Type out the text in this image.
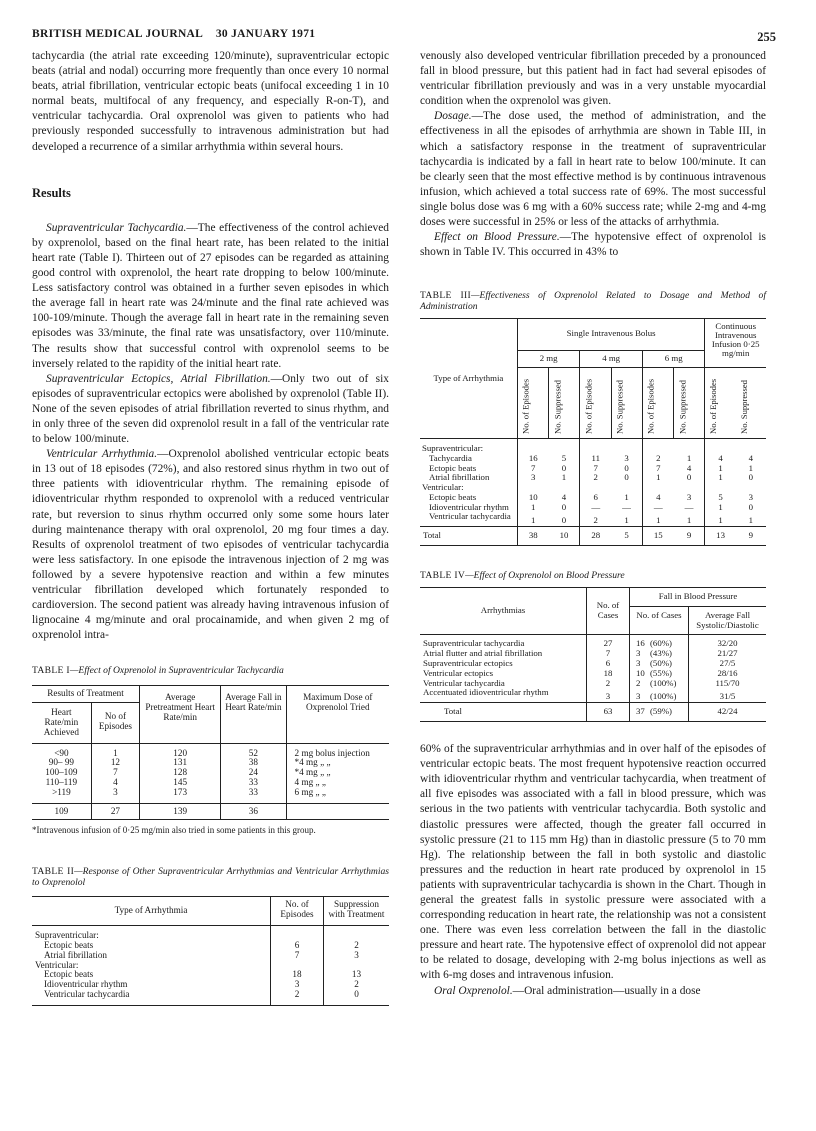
BRITISH MEDICAL JOURNAL 30 JANUARY 1971	255

tachycardia (the atrial rate exceeding 120/minute), supraventricular ectopic beats (atrial and nodal) occurring more frequently than once every 10 normal beats, atrial fibrillation, ventricular ectopic beats (unifocal exceeding 1 in 10 normal beats, multifocal of any frequency, and especially R-on-T), and ventricular tachycardia. Oral oxprenolol was given to patients who had previously responded successfully to intravenous administration but had developed a recurrence of a similar arrhythmia within several hours.

Results

Supraventricular Tachycardia.—The effectiveness of the control achieved by oxprenolol, based on the final heart rate, has been related to the initial heart rate (Table I). Thirteen out of 27 episodes can be regarded as attaining good control with oxprenolol, the heart rate dropping to below 100/minute. Less satisfactory control was obtained in a further seven episodes in which the average fall in heart rate was 24/minute and the final rate achieved was 100-109/minute. Though the average fall in heart rate in the remaining seven episodes was 33/minute, the final rate was unsatisfactory, over 110/minute. The results show that successful control with oxprenolol seems to be inversely related to the rapidity of the initial heart rate.

Supraventricular Ectopics, Atrial Fibrillation.—Only two out of six episodes of supraventricular ectopics were abolished by oxprenolol (Table II). None of the seven episodes of atrial fibrillation reverted to sinus rhythm, and in only three of the seven did oxprenolol result in a fall of the ventricular rate to below 100/minute.

Ventricular Arrhythmia.—Oxprenolol abolished ventricular ectopic beats in 13 out of 18 episodes (72%), and also restored sinus rhythm in two out of three patients with idioventricular rhythm. The remaining episode of idioventricular rhythm responded to oxprenolol with a reduced ventricular rate, but reversion to sinus rhythm occurred only some some hours later during maintenance therapy with oral oxprenolol, 20 mg four times a day. Results of oxprenolol treatment of two episodes of ventricular tachycardia were less satisfactory. In one episode the intravenous injection of 2 mg was followed by a severe hypotensive reaction and within a few minutes ventricular fibrillation developed which fortunately responded to cardioversion. The second patient was already having intravenous infusion of lignocaine 4 mg/minute and oral procainamide, and when given 2 mg of oxprenolol intra-

TABLE I—Effect of Oxprenolol in Supraventricular Tachycardia
Results of Treatment		Average Pretreatment Heart Rate/min	Average Fall in Heart Rate/min	Maximum Dose of Oxprenolol Tried
Heart Rate/min Achieved	No of Episodes			
<90	1	120	52	2 mg bolus injection
90– 99	12	131	38	*4 mg „ „
100–109	7	128	24	*4 mg „ „
110–119	4	145	33	4 mg „ „
>119	3	173	33	6 mg „ „

109	27	139	36	
*Intravenous infusion of 0·25 mg/min also tried in some patients in this group.
TABLE II—Response of Other Supraventricular Arrhythmias and Ventricular Arrhythmias to Oxprenolol
Type of Arrhythmia	No. of Episodes	Suppression with Treatment
Supraventricular:		
Ectopic beats	6	2
Atrial fibrillation	7	3
Ventricular:		
Ectopic beats	18	13
Idioventricular rhythm	3	2
Ventricular tachycardia	2	0

venously also developed ventricular fibrillation preceded by a pronounced fall in blood pressure, but this patient had in fact had several episodes of ventricular fibrillation previously and was in a very unstable myocardial condition when the oxprenolol was given.

Dosage.—The dose used, the method of administration, and the effectiveness in all the episodes of arrhythmia are shown in Table III, in which a satisfactory response in the treatment of supraventricular tachycardia is indicated by a fall in heart rate to below 100/minute. It can be clearly seen that the most effective method is by continuous intravenous infusion, which achieved a total success rate of 69%. The most successful single bolus dose was 6 mg with a 60% success rate; while 2-mg and 4-mg doses were successful in 25% or less of the attacks of arrhythmia.

Effect on Blood Pressure.—The hypotensive effect of oxprenolol is shown in Table IV. This occurred in 43% to

TABLE III—Effectiveness of Oxprenolol Related to Dosage and Method of Administration
Type of Arrhythmia	Single Intravenous Bolus						Continuous Intravenous Infusion 0·25 mg/min	
	2 mg		4 mg		6 mg			
	No. of Episodes	No. Suppressed	No. of Episodes	No. Suppressed	No. of Episodes	No. Suppressed	No. of Episodes	No. Suppressed
Supraventricular:								
Tachycardia	16	5	11	3	2	1	4	4
Ectopic beats	7	0	7	0	7	4	1	1
Atrial fibrillation	3	1	2	0	1	0	1	0
Ventricular:								
Ectopic beats	10	4	6	1	4	3	5	3
Idioventricular rhythm	1	0	—	—	—	—	1	0
Ventricular tachycardia	1	0	2	1	1	1	1	1
Total	38	10	28	5	15	9	13	9
TABLE IV—Effect of Oxprenolol on Blood Pressure
Arrhythmias	No. of Cases	Fall in Blood Pressure	
		No. of Cases	Average Fall Systolic/Diastolic
Supraventricular tachycardia	27	16 (60%)	32/20
Atrial flutter and atrial fibrillation	7	3 (43%)	21/27
Supraventricular ectopics	6	3 (50%)	27/5
Ventricular ectopics	18	10 (55%)	28/16
Ventricular tachycardia	2	2 (100%)	115/70
Accentuated idioventricular rhythm	3	3 (100%)	31/5
Total	63	37 (59%)	42/24

60% of the supraventricular arrhythmias and in over half of the episodes of ventricular ectopic beats. The most frequent hypotensive reaction occurred with idioventricular rhythm and ventricular tachycardia, when treatment of all five episodes was associated with a fall in blood pressure, which was serious in the two patients with ventricular tachycardia. Both systolic and diastolic pressures were affected, though the greater fall occurred in systolic pressure (21 to 115 mm Hg) than in diastolic pressure (5 to 70 mm Hg). The relationship between the fall in both systolic and diastolic pressures and the reduction in heart rate produced by oxprenolol in 15 patients with supraventricular tachycardia is shown in the Chart. Though in general the greatest falls in systolic pressure were associated with a corresponding reducation in heart rate, the relationship was not a consistent one. There was even less correlation between the fall in the diastolic pressure and heart rate. The hypotensive effect of oxprenolol did not appear to be related to dosage, developing with 2-mg bolus injections as well as with 6-mg doses and intravenous infusion.

Oral Oxprenolol.—Oral administration—usually in a dose
